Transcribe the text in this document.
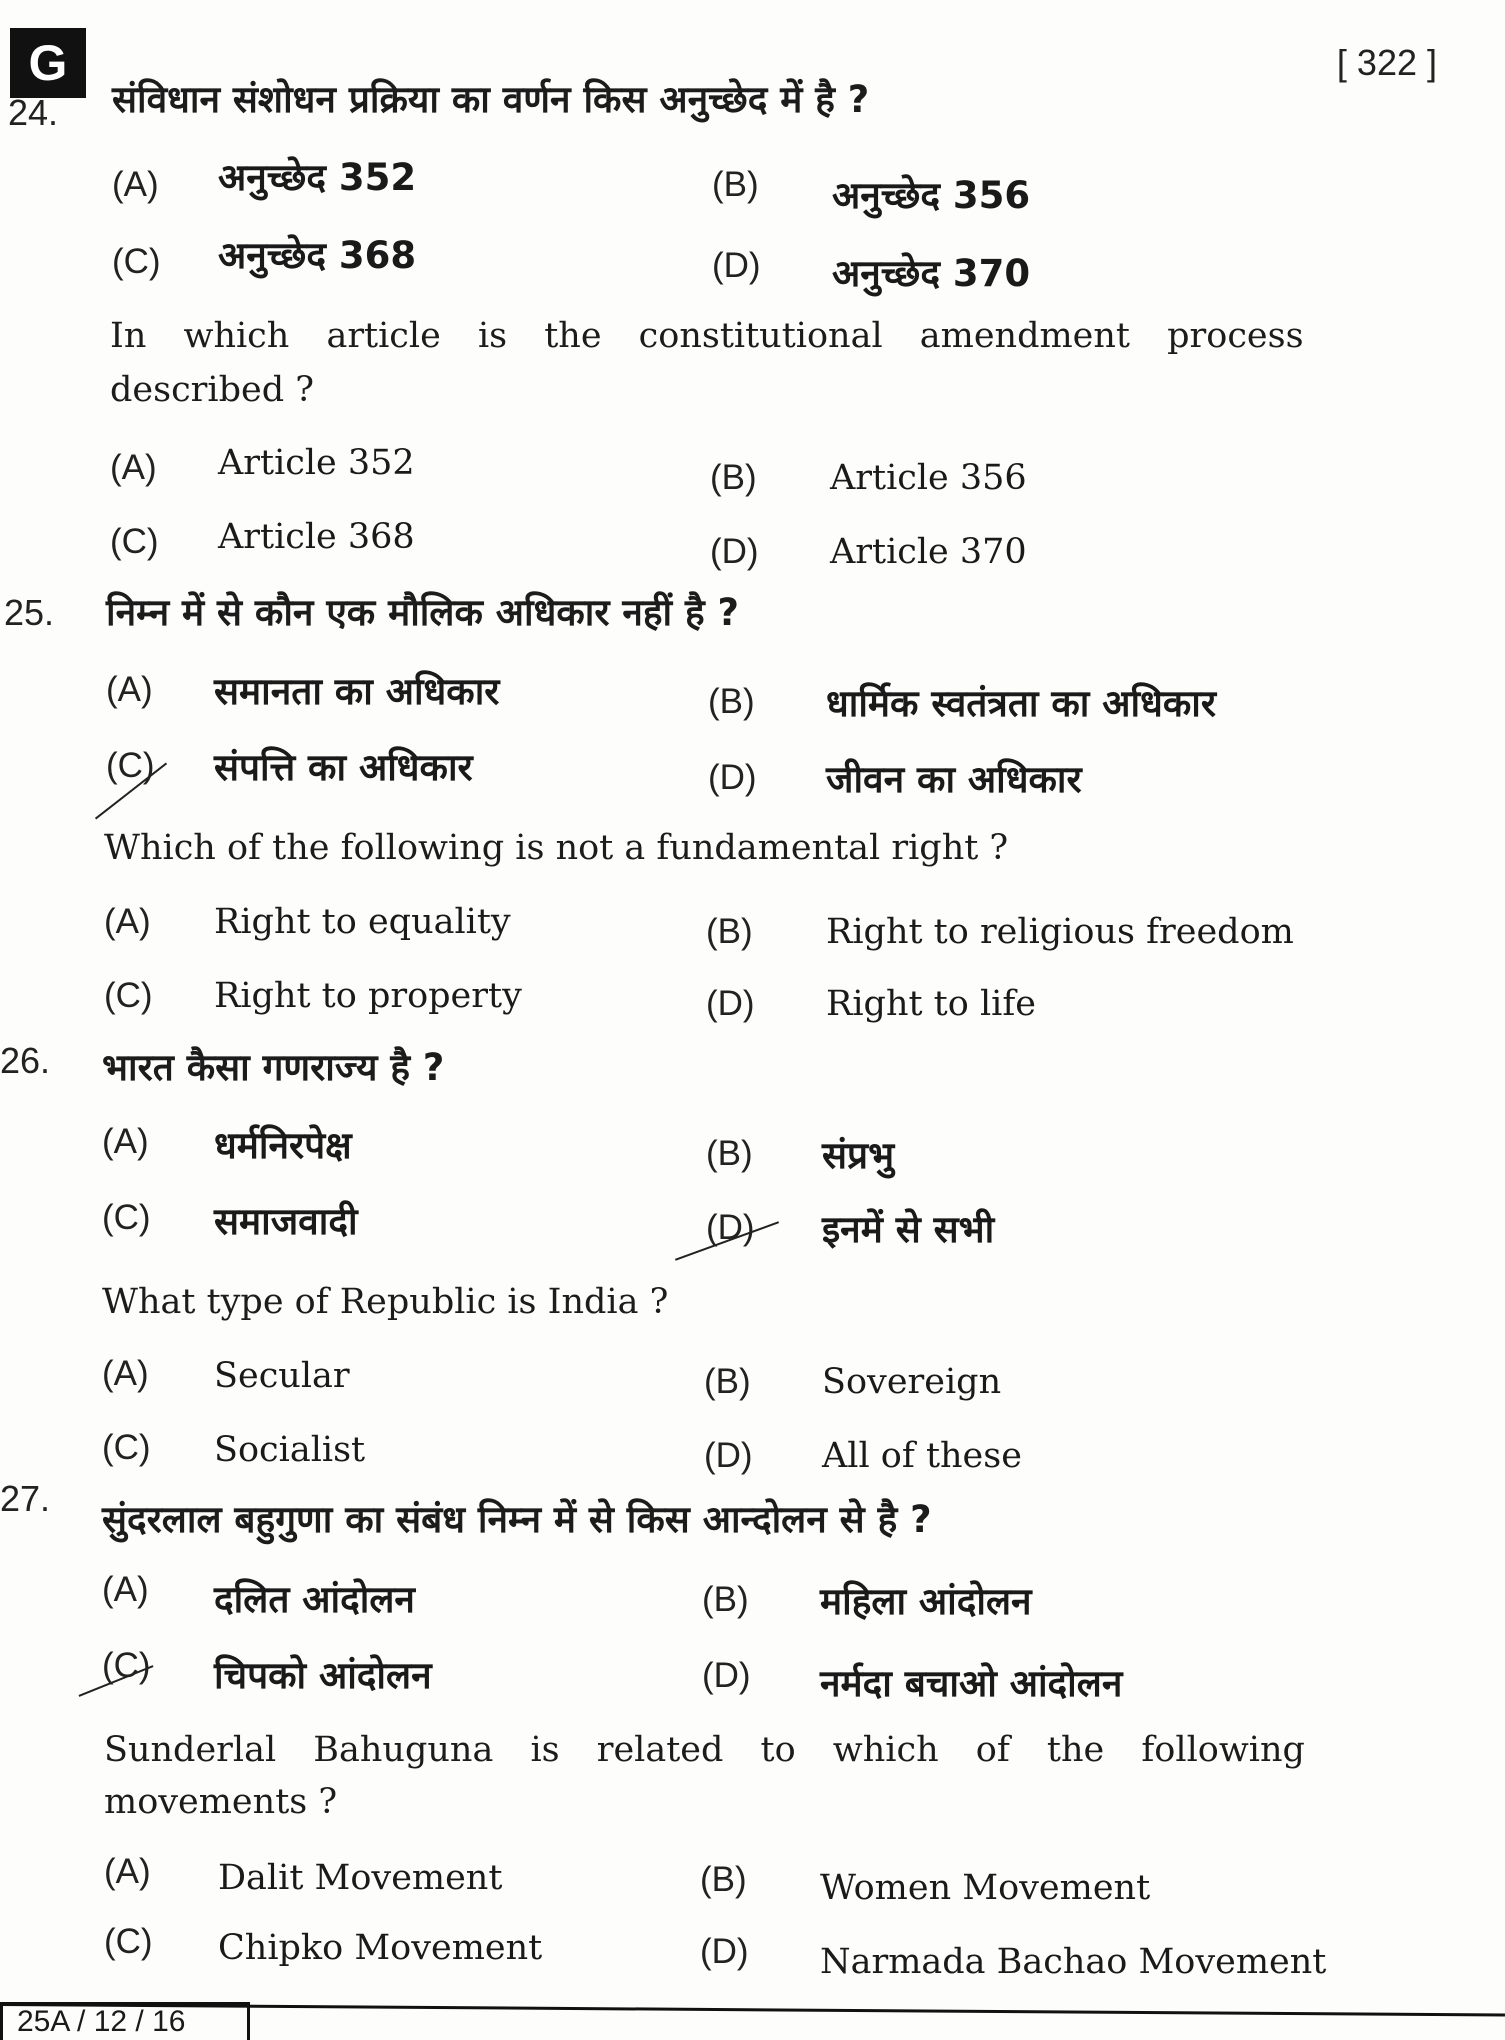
G	[ 322 ]
24. संविधान संशोधन प्रक्रिया का वर्णन किस अनुच्छेद में है ?
(A) अनुच्छेद 352	(B) अनुच्छेद 356
(C) अनुच्छेद 368	(D) अनुच्छेद 370
In which article is the constitutional amendment process
described ?
(A) Article 352	(B) Article 356
(C) Article 368	(D) Article 370
25. निम्न में से कौन एक मौलिक अधिकार नहीं है ?
(A) समानता का अधिकार	(B) धार्मिक स्वतंत्रता का अधिकार
(C) संपत्ति का अधिकार	(D) जीवन का अधिकार
Which of the following is not a fundamental right ?
(A) Right to equality	(B) Right to religious freedom
(C) Right to property	(D) Right to life
26. भारत कैसा गणराज्य है ?
(A) धर्मनिरपेक्ष	(B) संप्रभु
(C) समाजवादी	(D) इनमें से सभी
What type of Republic is India ?
(A) Secular	(B) Sovereign
(C) Socialist	(D) All of these
27. सुंदरलाल बहुगुणा का संबंध निम्न में से किस आन्दोलन से है ?
(A) दलित आंदोलन	(B) महिला आंदोलन
(C) चिपको आंदोलन	(D) नर्मदा बचाओ आंदोलन
Sunderlal Bahuguna is related to which of the following
movements ?
(A) Dalit Movement	(B) Women Movement
(C) Chipko Movement	(D) Narmada Bachao Movement
25A / 12 / 16
